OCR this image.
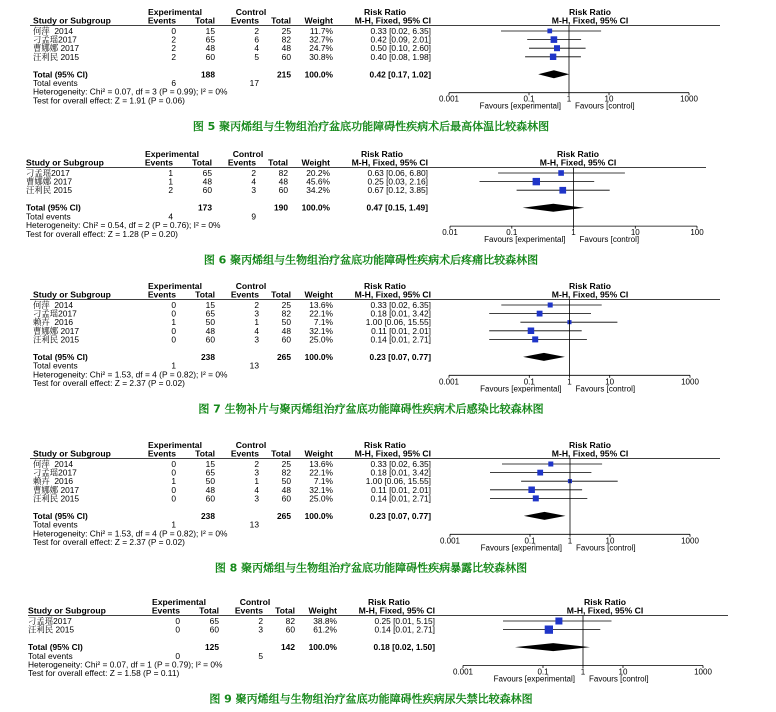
Experimental	Control	Risk Ratio	Risk Ratio
Study or Subgroup	Events Total Events Total Weight	M-H, Fixed, 95% CI	M-H, Fixed, 95% CI
何萍  2014	0	15	2	25 11.7%	0.33 [0.02, 6.35]
刁孟瑶2017	2	65	6	82 32.7%	0.42 [0.09, 2.01]
曹娜娜 2017	2	48	4	48 24.7%	0.50 [0.10, 2.60]
汪利民 2015	2	60	5	60 30.8%	0.40 [0.08, 1.98]
Total (95% CI)	188	215 100.0%	0.42 [0.17, 1.02]
Total events	6	17
Heterogeneity: Chi² = 0.07, df = 3 (P = 0.99); I² = 0%
Test for overall effect: Z = 1.91 (P = 0.06)	0.001	0.1	1	10	1000
Favours [experimental] Favours [control]
图 5 聚丙烯组与生物组治疗盆底功能障碍性疾病术后最高体温比较森林图
Experimental	Control	Risk Ratio	Risk Ratio
Study or Subgroup	Events Total Events Total Weight	M-H, Fixed, 95% CI	M-H, Fixed, 95% CI
刁孟瑶2017	1	65	2	82 20.2%	0.63 [0.06, 6.80]
曹娜娜 2017	1	48	4	48 45.6%	0.25 [0.03, 2.16]
汪利民 2015	2	60	3	60 34.2%	0.67 [0.12, 3.85]
Total (95% CI)	173	190 100.0%	0.47 [0.15, 1.49]
Total events	4	9
Heterogeneity: Chi² = 0.54, df = 2 (P = 0.76); I² = 0%
Test for overall effect: Z = 1.28 (P = 0.20)	0.01	0.1	1	10	100
Favours [experimental] Favours [control]
图 6 聚丙烯组与生物组治疗盆底功能障碍性疾病术后疼痛比较森林图
Experimental	Control	Risk Ratio	Risk Ratio
Study or Subgroup	Events Total Events Total Weight	M-H, Fixed, 95% CI	M-H, Fixed, 95% CI
何萍  2014	0	15	2	25 13.6%	0.33 [0.02, 6.35]
刁孟瑶2017	0	65	3	82 22.1%	0.18 [0.01, 3.42]
赖卉  2016	1	50	1	50	7.1%	1.00 [0.06, 15.55]
曹娜娜 2017	0	48	4	48 32.1%	0.11 [0.01, 2.01]
汪利民 2015	0	60	3	60 25.0%	0.14 [0.01, 2.71]
Total (95% CI)	238	265 100.0%	0.23 [0.07, 0.77]
Total events	1	13
Heterogeneity: Chi² = 1.53, df = 4 (P = 0.82); I² = 0%
Test for overall effect: Z = 2.37 (P = 0.02)	0.001	0.1	1	10	1000
Favours [experimental] Favours [control]
图 7 生物补片与聚丙烯组治疗盆底功能障碍性疾病术后感染比较森林图
Experimental	Control	Risk Ratio	Risk Ratio
Study or Subgroup	Events Total Events Total Weight	M-H, Fixed, 95% CI	M-H, Fixed, 95% CI
何萍  2014	0	15	2	25 13.6%	0.33 [0.02, 6.35]
刁孟瑶2017	0	65	3	82 22.1%	0.18 [0.01, 3.42]
赖卉  2016	1	50	1	50	7.1%	1.00 [0.06, 15.55]
曹娜娜 2017	0	48	4	48 32.1%	0.11 [0.01, 2.01]
汪利民 2015	0	60	3	60 25.0%	0.14 [0.01, 2.71]
Total (95% CI)	238	265 100.0%	0.23 [0.07, 0.77]
Total events	1	13
Heterogeneity: Chi² = 1.53, df = 4 (P = 0.82); I² = 0%
Test for overall effect: Z = 2.37 (P = 0.02)	0.001	0.1	1	10	1000
Favours [experimental] Favours [control]
图 8 聚丙烯组与生物组治疗盆底功能障碍性疾病暴露比较森林图
Experimental	Control	Risk Ratio	Risk Ratio
Study or Subgroup	Events Total Events Total Weight	M-H, Fixed, 95% CI	M-H, Fixed, 95% CI
刁孟瑶2017	0	65	2	82 38.8%	0.25 [0.01, 5.15]
汪利民 2015	0	60	3	60 61.2%	0.14 [0.01, 2.71]
Total (95% CI)	125	142 100.0%	0.18 [0.02, 1.50]
Total events	0	5
Heterogeneity: Chi² = 0.07, df = 1 (P = 0.79); I² = 0%
Test for overall effect: Z = 1.58 (P = 0.11)	0.001	0.1	1	10	1000
Favours [experimental] Favours [control]
图 9 聚丙烯组与生物组治疗盆底功能障碍性疾病尿失禁比较森林图
